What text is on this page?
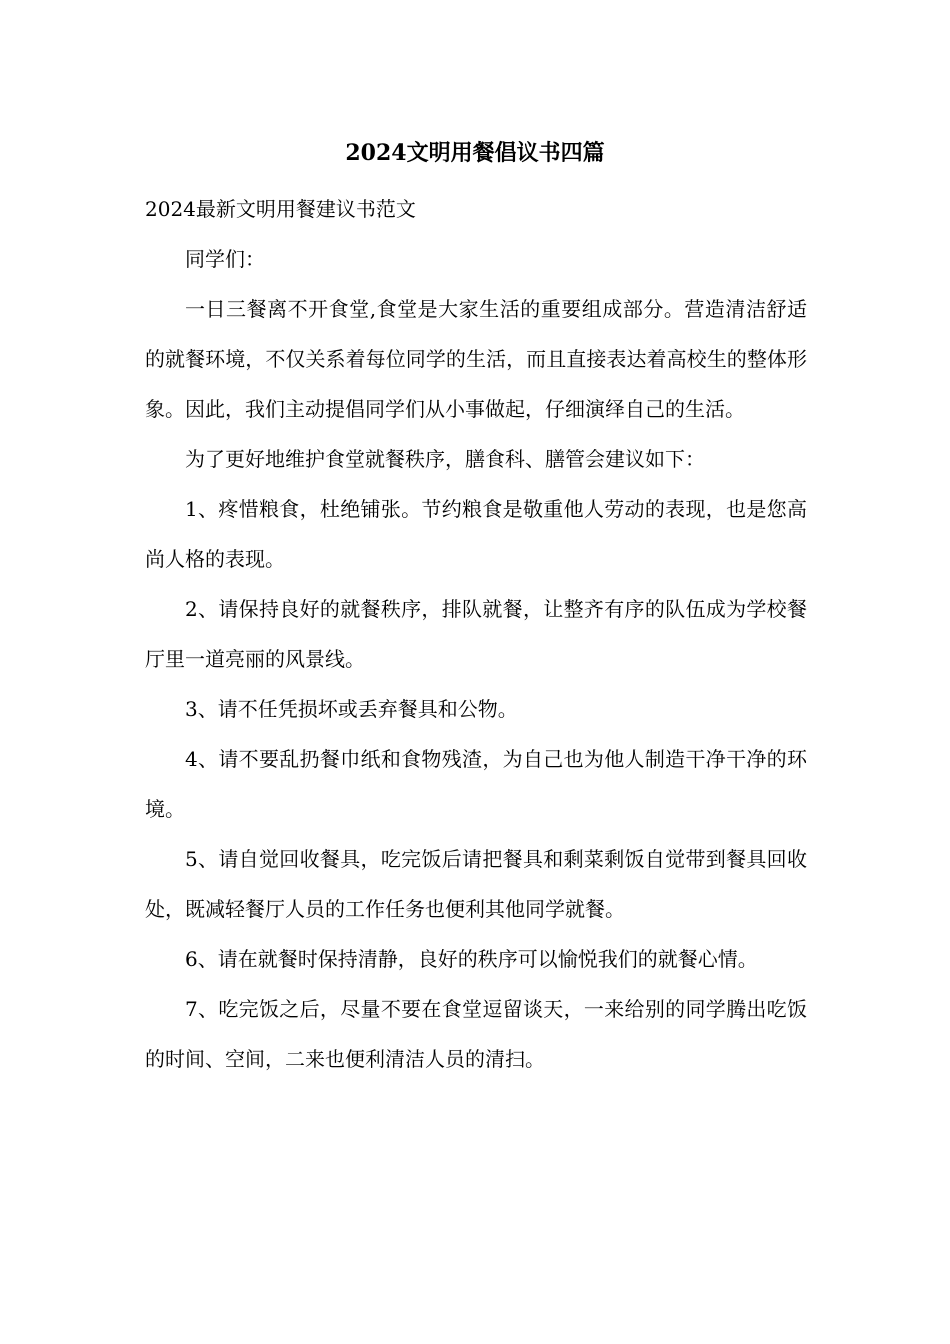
2024文明用餐倡议书四篇

2024最新文明用餐建议书范文

同学们：

一日三餐离不开食堂,食堂是大家生活的重要组成部分。营造清洁舒适的就餐环境，不仅关系着每位同学的生活，而且直接表达着高校生的整体形象。因此，我们主动提倡同学们从小事做起，仔细演绎自己的生活。

为了更好地维护食堂就餐秩序，膳食科、膳管会建议如下：

1、疼惜粮食，杜绝铺张。节约粮食是敬重他人劳动的表现，也是您高尚人格的表现。

2、请保持良好的就餐秩序，排队就餐，让整齐有序的队伍成为学校餐厅里一道亮丽的风景线。

3、请不任凭损坏或丢弃餐具和公物。

4、请不要乱扔餐巾纸和食物残渣，为自己也为他人制造干净干净的环境。

5、请自觉回收餐具，吃完饭后请把餐具和剩菜剩饭自觉带到餐具回收处，既减轻餐厅人员的工作任务也便利其他同学就餐。

6、请在就餐时保持清静，良好的秩序可以愉悦我们的就餐心情。

7、吃完饭之后，尽量不要在食堂逗留谈天，一来给别的同学腾出吃饭的时间、空间，二来也便利清洁人员的清扫。
